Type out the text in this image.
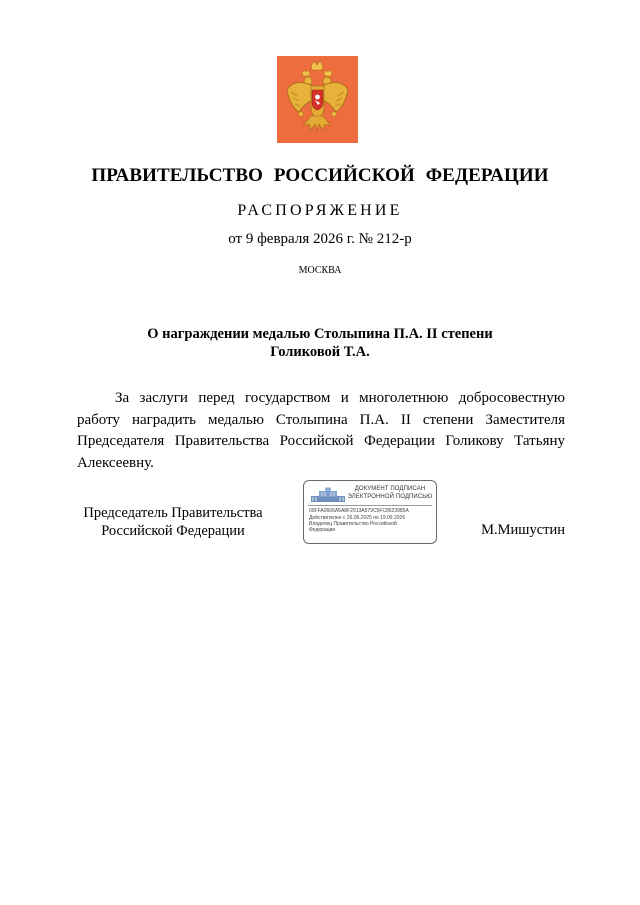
ПРАВИТЕЛЬСТВО РОССИЙСКОЙ ФЕДЕРАЦИИ
РАСПОРЯЖЕНИЕ
от 9 февраля 2026 г. № 212-р
МОСКВА
О награждении медалью Столыпина П.А. II степени
Голиковой Т.А.
За заслуги перед государством и многолетнюю добросовестную работу наградить медалью Столыпина П.А. II степени Заместителя Председателя Правительства Российской Федерации Голикову Татьяну Алексеевну.
Председатель Правительства
Российской Федерации
ДОКУМЕНТ ПОДПИСАН
ЭЛЕКТРОННОЙ ПОДПИСЬЮ
00FFA0606A5A8F2913A579C5FC8623985A
Действителен с 26.06.2025 по 19.09.2026
Владелец Правительство Российской
Федерации	М.Мишустин
